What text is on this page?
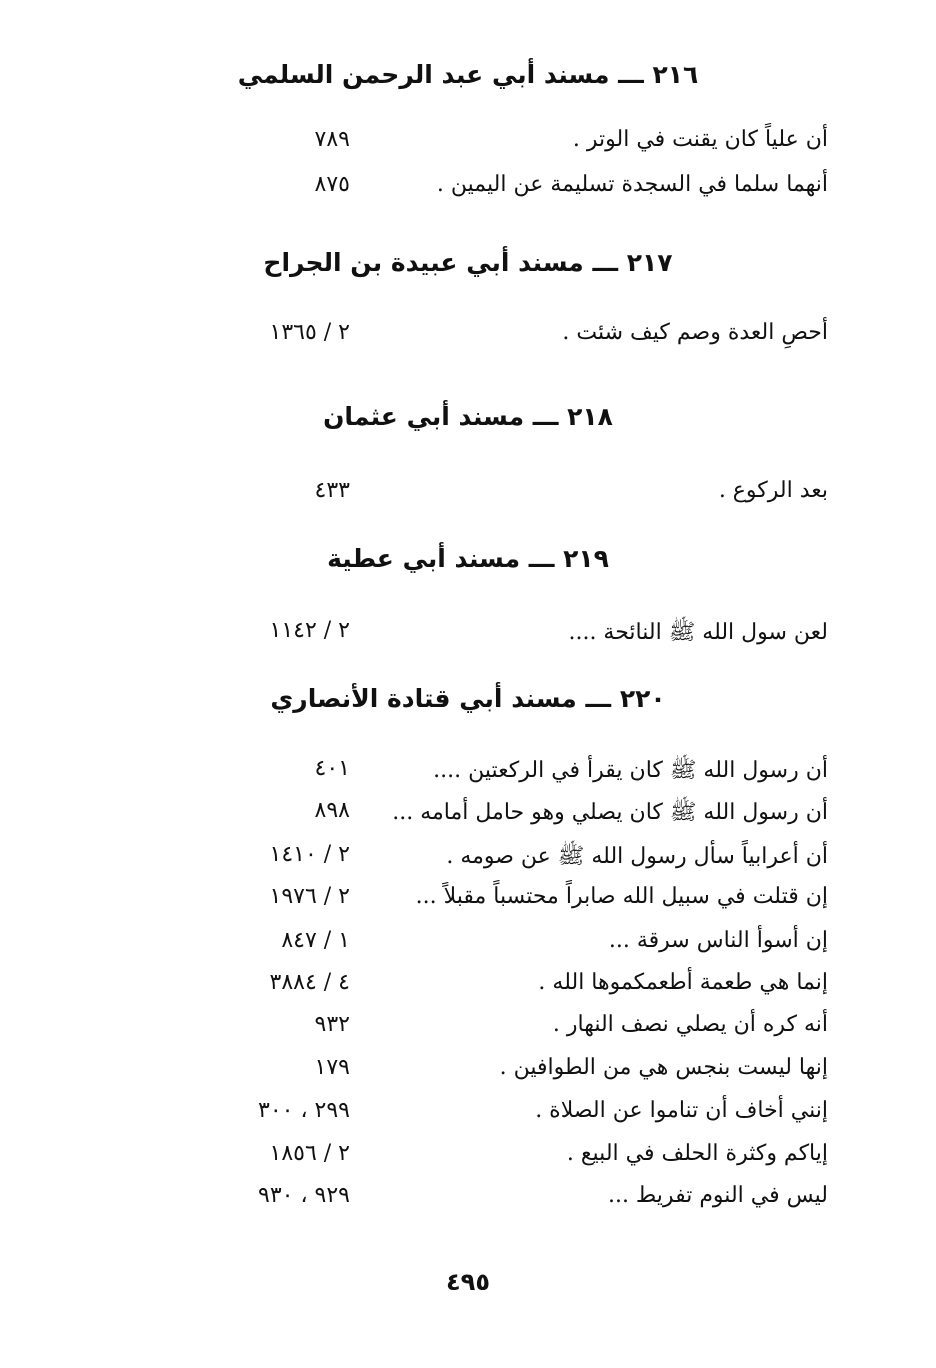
٢١٦ ـــ مسند أبي عبد الرحمن السلمي
أن علياً كان يقنت في الوتر .
٧٨٩
أنهما سلما في السجدة تسليمة عن اليمين .
٨٧٥
٢١٧ ـــ مسند أبي عبيدة بن الجراح
أحصِ العدة وصم كيف شئت .
٢ / ١٣٦٥
٢١٨ ـــ مسند أبي عثمان
بعد الركوع .
٤٣٣
٢١٩ ـــ مسند أبي عطية
لعن سول الله ﷺ النائحة ....
٢ / ١١٤٢
٢٢٠ ـــ مسند أبي قتادة الأنصاري
أن رسول الله ﷺ كان يقرأ في الركعتين ....
٤٠١
أن رسول الله ﷺ كان يصلي وهو حامل أمامه ...
٨٩٨
أن أعرابياً سأل رسول الله ﷺ عن صومه .
٢ / ١٤١٠
إن قتلت في سبيل الله صابراً محتسباً مقبلاً ...
٢ / ١٩٧٦
إن أسوأ الناس سرقة ...
١ / ٨٤٧
إنما هي طعمة أطعمكموها الله .
٤ / ٣٨٨٤
أنه كره أن يصلي نصف النهار .
٩٣٢
إنها ليست بنجس هي من الطوافين .
١٧٩
إنني أخاف أن تناموا عن الصلاة .
٢٩٩ ، ٣٠٠
إياكم وكثرة الحلف في البيع .
٢ / ١٨٥٦
ليس في النوم تفريط ...
٩٢٩ ، ٩٣٠
٤٩٥
